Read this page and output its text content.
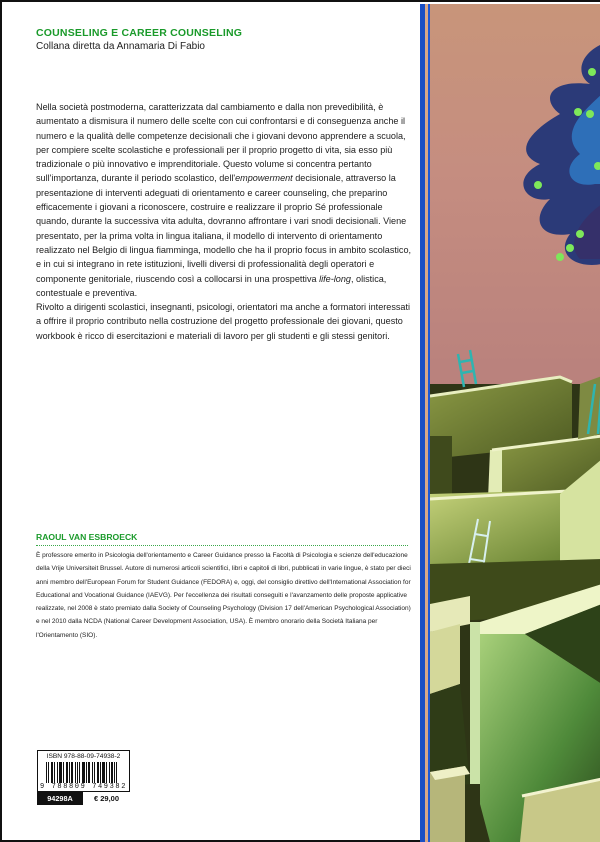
COUNSELING E CAREER COUNSELING
Collana diretta da Annamaria Di Fabio

Nella società postmoderna, caratterizzata dal cambiamento e dalla non prevedibilità, è aumentato a dismisura il numero delle scelte con cui confrontarsi e di conseguenza anche il numero e la qualità delle competenze decisionali che i giovani devono apprendere a scuola, per compiere scelte scolastiche e professionali per il proprio progetto di vita, sia esso più tradizionale o più innovativo e imprenditoriale. Questo volume si concentra pertanto sull'importanza, durante il periodo scolastico, dell'empowerment decisionale, attraverso la presentazione di interventi adeguati di orientamento e career counseling, che preparino efficacemente i giovani a riconoscere, costruire e realizzare il proprio Sé professionale quando, durante la successiva vita adulta, dovranno affrontare i vari snodi decisionali. Viene presentato, per la prima volta in lingua italiana, il modello di intervento di orientamento realizzato nel Belgio di lingua fiamminga, modello che ha il proprio focus in ambito scolastico, e in cui si integrano in rete istituzioni, livelli diversi di professionalità degli operatori e componente genitoriale, riuscendo così a collocarsi in una prospettiva life-long, olistica, contestuale e preventiva.

Rivolto a dirigenti scolastici, insegnanti, psicologi, orientatori ma anche a formatori interessati a offrire il proprio contributo nella costruzione del progetto professionale dei giovani, questo workbook è ricco di esercitazioni e materiali di lavoro per gli studenti e gli stessi genitori.

RAOUL VAN ESBROECK
È professore emerito in Psicologia dell'orientamento e Career Guidance presso la Facoltà di Psicologia e scienze dell'educazione della Vrije Universiteit Brussel. Autore di numerosi articoli scientifici, libri e capitoli di libri, pubblicati in varie lingue, è stato per dieci anni membro dell'European Forum for Student Guidance (FEDORA) e, oggi, del consiglio direttivo dell'International Association for Educational and Vocational Guidance (IAEVG). Per l'eccellenza dei risultati conseguiti e l'avanzamento delle proposte applicative realizzate, nel 2008 è stato premiato dalla Society of Counseling Psychology (Division 17 dell'American Psychological Association) e nel 2010 dalla NCDA (National Career Development Association, USA). È membro onorario della Società Italiana per l'Orientamento (SIO).
ISBN 978-88-09-74938-2
9 788809 749382
94298A	€ 29,00
